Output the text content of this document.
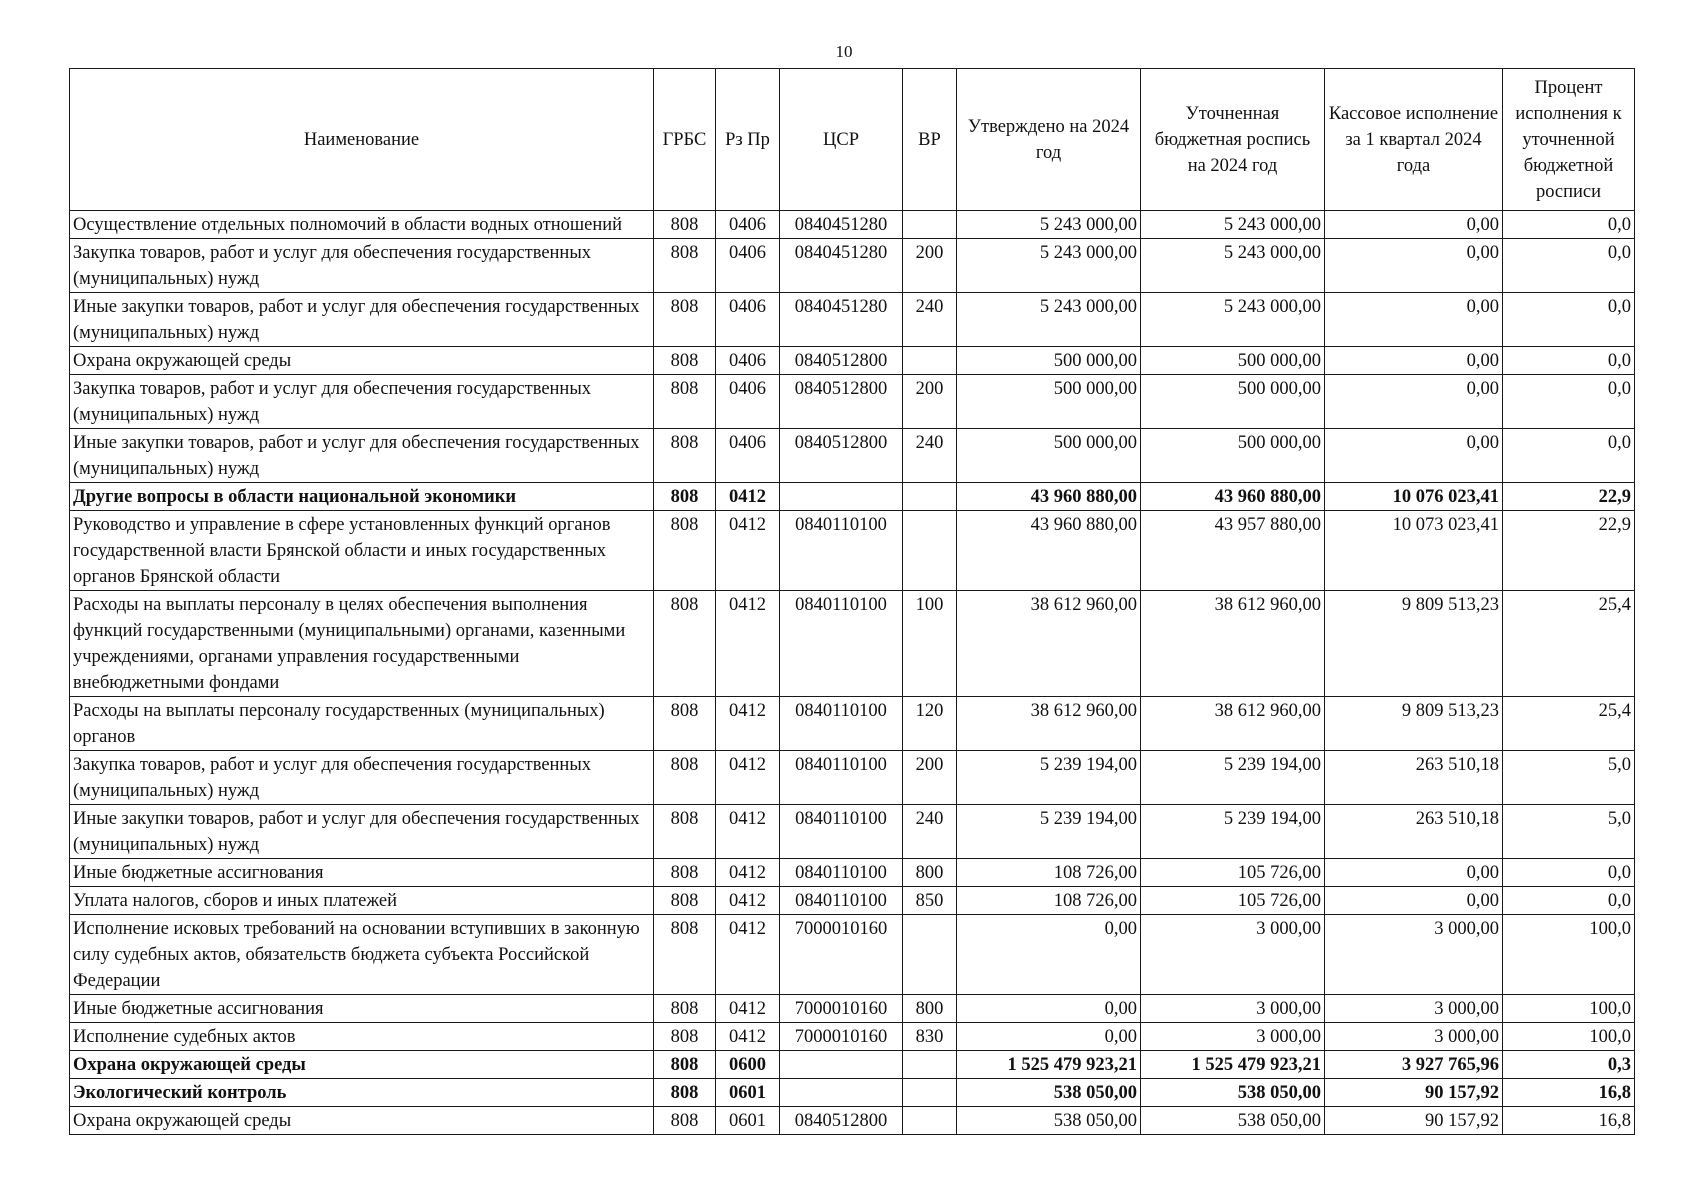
10
Наименование	ГРБС	Рз Пр	ЦСР	ВР	Утверждено на 2024 год	Уточненная бюджетная роспись на 2024 год	Кассовое исполнение за 1 квартал 2024 года	Процент исполнения к уточненной бюджетной росписи
Осуществление отдельных полномочий в области водных отношений	808	0406	0840451280		5 243 000,00	5 243 000,00	0,00	0,0
Закупка товаров, работ и услуг для обеспечения государственных (муниципальных) нужд	808	0406	0840451280	200	5 243 000,00	5 243 000,00	0,00	0,0
Иные закупки товаров, работ и услуг для обеспечения государственных (муниципальных) нужд	808	0406	0840451280	240	5 243 000,00	5 243 000,00	0,00	0,0
Охрана окружающей среды	808	0406	0840512800		500 000,00	500 000,00	0,00	0,0
Закупка товаров, работ и услуг для обеспечения государственных (муниципальных) нужд	808	0406	0840512800	200	500 000,00	500 000,00	0,00	0,0
Иные закупки товаров, работ и услуг для обеспечения государственных (муниципальных) нужд	808	0406	0840512800	240	500 000,00	500 000,00	0,00	0,0
Другие вопросы в области национальной экономики	808	0412			43 960 880,00	43 960 880,00	10 076 023,41	22,9
Руководство и управление в сфере установленных функций органов государственной власти Брянской области и иных государственных органов Брянской области	808	0412	0840110100		43 960 880,00	43 957 880,00	10 073 023,41	22,9
Расходы на выплаты персоналу в целях обеспечения выполнения функций государственными (муниципальными) органами, казенными учреждениями, органами управления государственными внебюджетными фондами	808	0412	0840110100	100	38 612 960,00	38 612 960,00	9 809 513,23	25,4
Расходы на выплаты персоналу государственных (муниципальных) органов	808	0412	0840110100	120	38 612 960,00	38 612 960,00	9 809 513,23	25,4
Закупка товаров, работ и услуг для обеспечения государственных (муниципальных) нужд	808	0412	0840110100	200	5 239 194,00	5 239 194,00	263 510,18	5,0
Иные закупки товаров, работ и услуг для обеспечения государственных (муниципальных) нужд	808	0412	0840110100	240	5 239 194,00	5 239 194,00	263 510,18	5,0
Иные бюджетные ассигнования	808	0412	0840110100	800	108 726,00	105 726,00	0,00	0,0
Уплата налогов, сборов и иных платежей	808	0412	0840110100	850	108 726,00	105 726,00	0,00	0,0
Исполнение исковых требований на основании вступивших в законную силу судебных актов, обязательств бюджета субъекта Российской Федерации	808	0412	7000010160		0,00	3 000,00	3 000,00	100,0
Иные бюджетные ассигнования	808	0412	7000010160	800	0,00	3 000,00	3 000,00	100,0
Исполнение судебных актов	808	0412	7000010160	830	0,00	3 000,00	3 000,00	100,0
Охрана окружающей среды	808	0600			1 525 479 923,21	1 525 479 923,21	3 927 765,96	0,3
Экологический контроль	808	0601			538 050,00	538 050,00	90 157,92	16,8
Охрана окружающей среды	808	0601	0840512800		538 050,00	538 050,00	90 157,92	16,8
